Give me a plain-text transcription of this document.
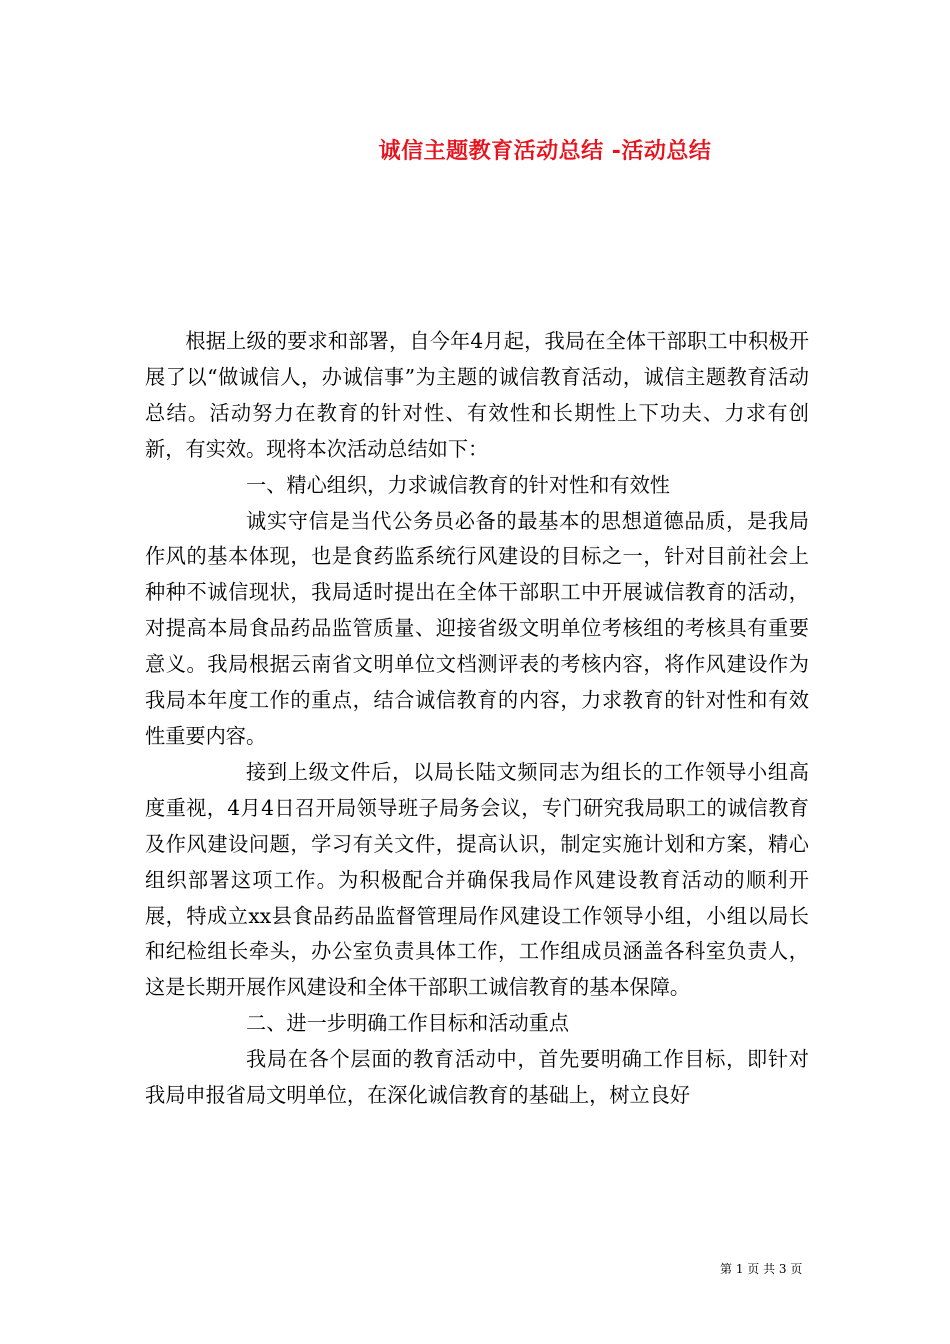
诚信主题教育活动总结 -活动总结

根据上级的要求和部署，自今年4月起，我局在全体干部职工中积极开展了以“做诚信人，办诚信事”为主题的诚信教育活动，诚信主题教育活动总结。活动努力在教育的针对性、有效性和长期性上下功夫、力求有创新，有实效。现将本次活动总结如下：

一、精心组织，力求诚信教育的针对性和有效性

诚实守信是当代公务员必备的最基本的思想道德品质，是我局作风的基本体现，也是食药监系统行风建设的目标之一，针对目前社会上种种不诚信现状，我局适时提出在全体干部职工中开展诚信教育的活动，对提高本局食品药品监管质量、迎接省级文明单位考核组的考核具有重要意义。我局根据云南省文明单位文档测评表的考核内容，将作风建设作为我局本年度工作的重点，结合诚信教育的内容，力求教育的针对性和有效性重要内容。

接到上级文件后，以局长陆文频同志为组长的工作领导小组高度重视，4月4日召开局领导班子局务会议，专门研究我局职工的诚信教育及作风建设问题，学习有关文件，提高认识，制定实施计划和方案，精心组织部署这项工作。为积极配合并确保我局作风建设教育活动的顺利开展，特成立xx县食品药品监督管理局作风建设工作领导小组，小组以局长和纪检组长牵头，办公室负责具体工作，工作组成员涵盖各科室负责人，这是长期开展作风建设和全体干部职工诚信教育的基本保障。

二、进一步明确工作目标和活动重点

我局在各个层面的教育活动中，首先要明确工作目标，即针对我局申报省局文明单位，在深化诚信教育的基础上，树立良好

第 1 页 共 3 页
